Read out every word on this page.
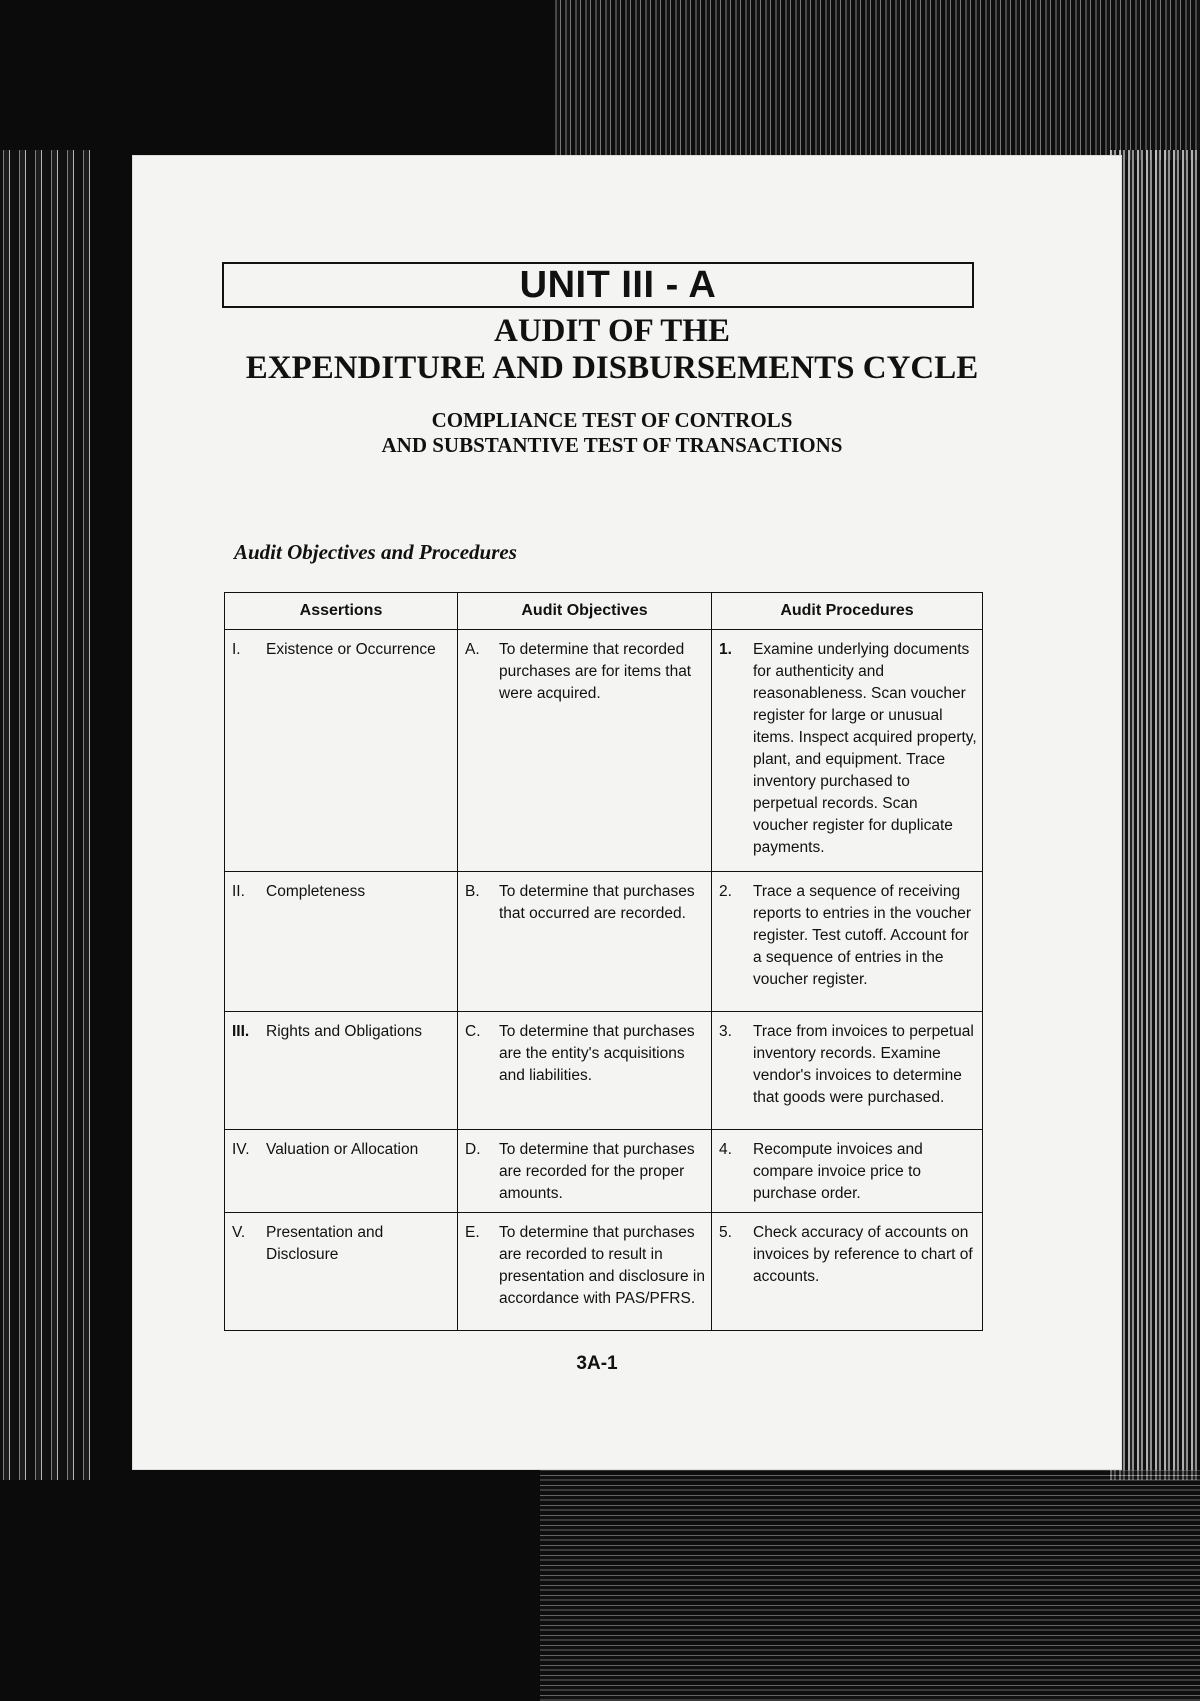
UNIT III - A
AUDIT OF THE
EXPENDITURE AND DISBURSEMENTS CYCLE
COMPLIANCE TEST OF CONTROLS
AND SUBSTANTIVE TEST OF TRANSACTIONS
Audit Objectives and Procedures
Assertions	Audit Objectives	Audit Procedures

I. Existence or Occurrence	A. To determine that recorded purchases are for items that were acquired.	1. Examine underlying documents for authenticity and reasonableness. Scan voucher register for large or unusual items. Inspect acquired property, plant, and equipment. Trace inventory purchased to perpetual records. Scan voucher register for duplicate payments.

II. Completeness	B. To determine that purchases that occurred are recorded.	2. Trace a sequence of receiving reports to entries in the voucher register. Test cutoff. Account for a sequence of entries in the voucher register.

III. Rights and Obligations	C. To determine that purchases are the entity's acquisitions and liabilities.	3. Trace from invoices to perpetual inventory records. Examine vendor's invoices to determine that goods were purchased.

IV. Valuation or Allocation	D. To determine that purchases are recorded for the proper amounts.	4. Recompute invoices and compare invoice price to purchase order.

V. Presentation and Disclosure	E. To determine that purchases are recorded to result in presentation and disclosure in accordance with PAS/PFRS.	5. Check accuracy of accounts on invoices by reference to chart of accounts.
3A-1
